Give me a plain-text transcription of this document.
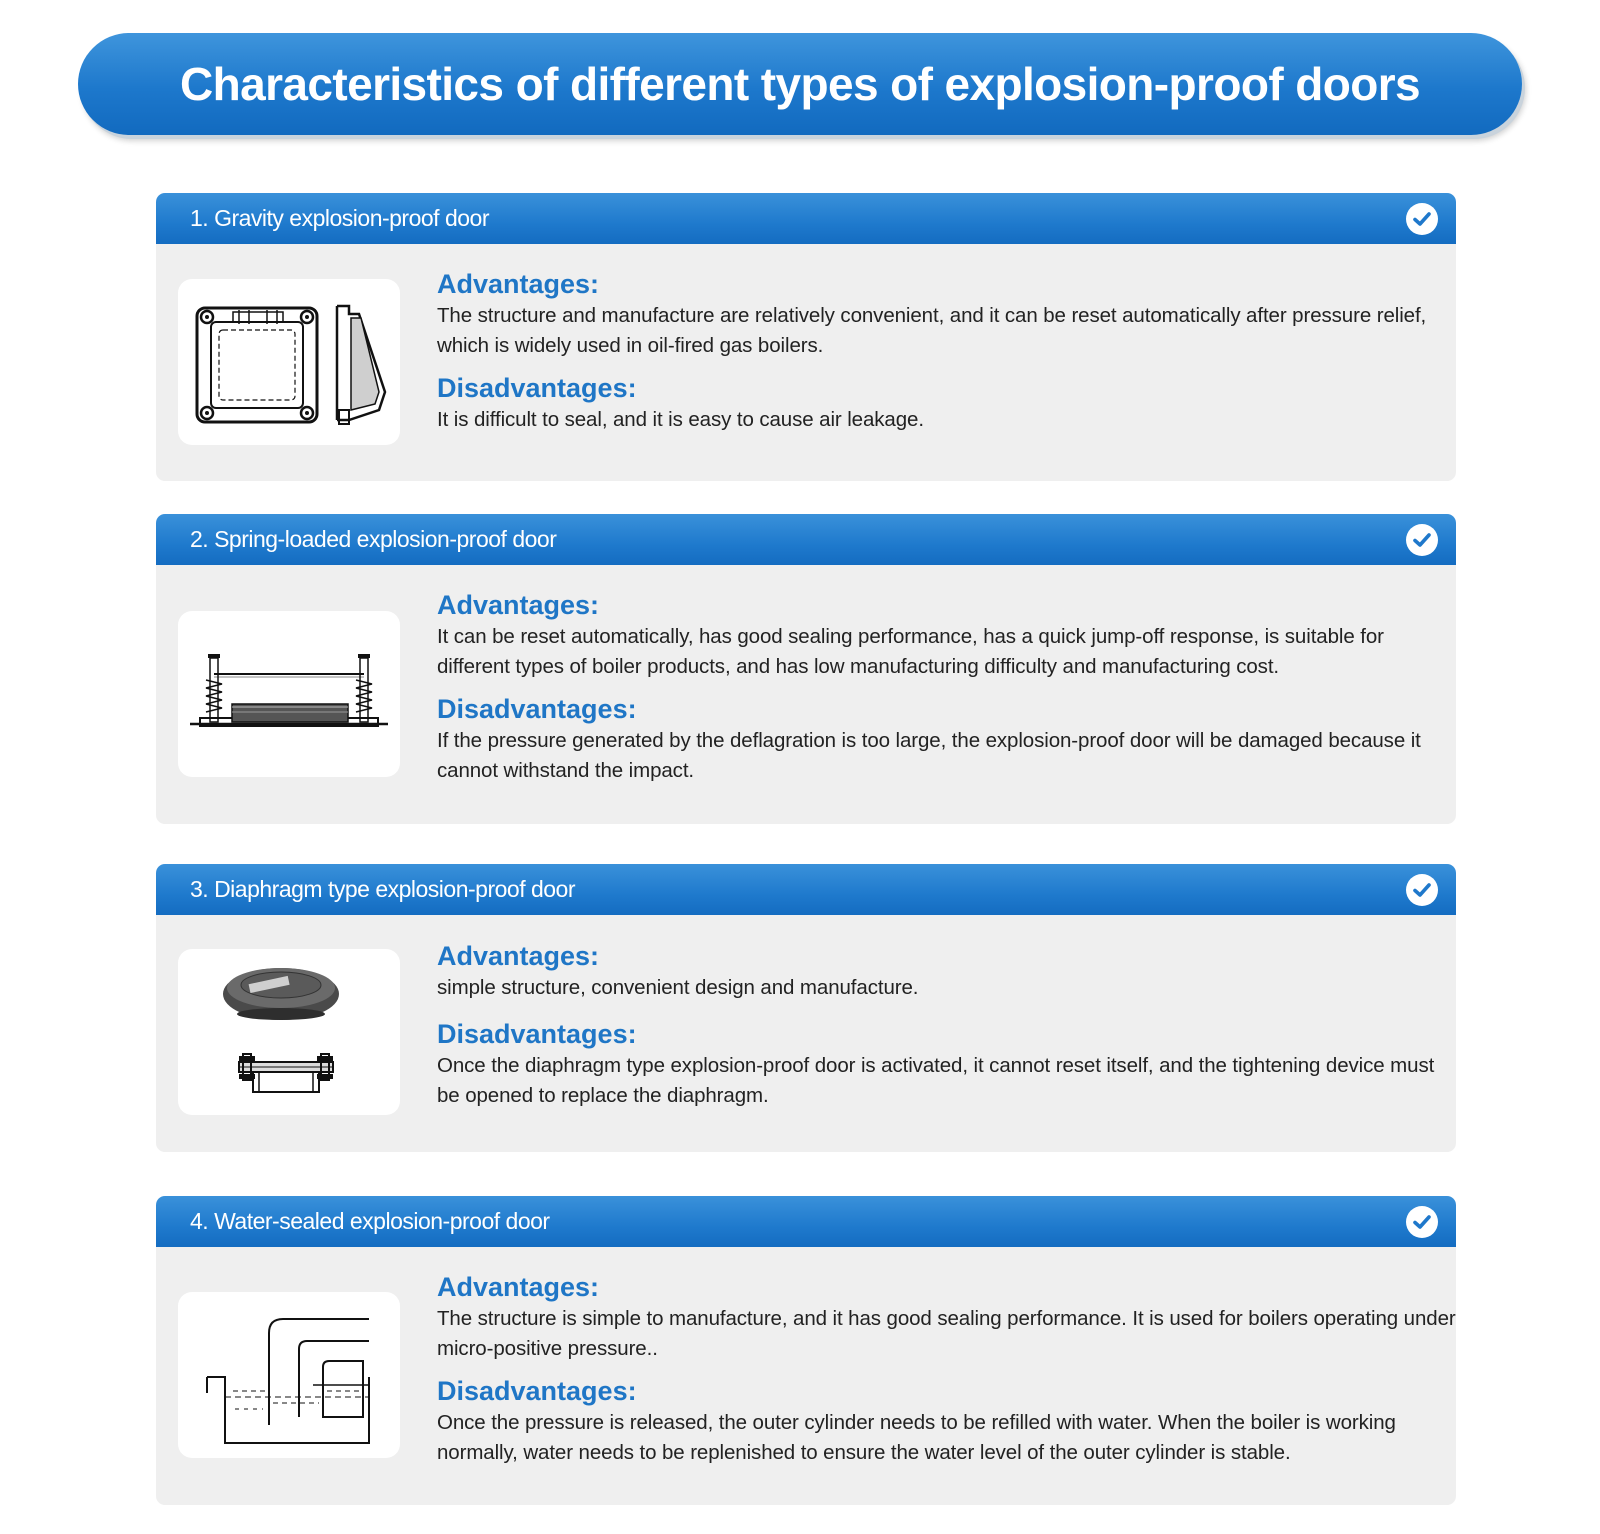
Characteristics of different types of explosion-proof doors
1. Gravity explosion-proof door
Advantages:
The structure and manufacture are relatively convenient, and it can be reset automatically after pressure relief, which is widely used in oil-fired gas boilers.
Disadvantages:
It is difficult to seal, and it is easy to cause air leakage.
2. Spring-loaded explosion-proof door
Advantages:
It can be reset automatically, has good sealing performance, has a quick jump-off response, is suitable for different types of boiler products, and has low manufacturing difficulty and manufacturing cost.
Disadvantages:
If the pressure generated by the deflagration is too large, the explosion-proof door will be damaged because it cannot withstand the impact.
3. Diaphragm type explosion-proof door
Advantages:
simple structure, convenient design and manufacture.
Disadvantages:
Once the diaphragm type explosion-proof door is activated, it cannot reset itself, and the tightening device must be opened to replace the diaphragm.
4. Water-sealed explosion-proof door
Advantages:
The structure is simple to manufacture, and it has good sealing performance. It is used for boilers operating under micro-positive pressure..
Disadvantages:
Once the pressure is released, the outer cylinder needs to be refilled with water. When the boiler is working normally, water needs to be replenished to ensure the water level of the outer cylinder is stable.
